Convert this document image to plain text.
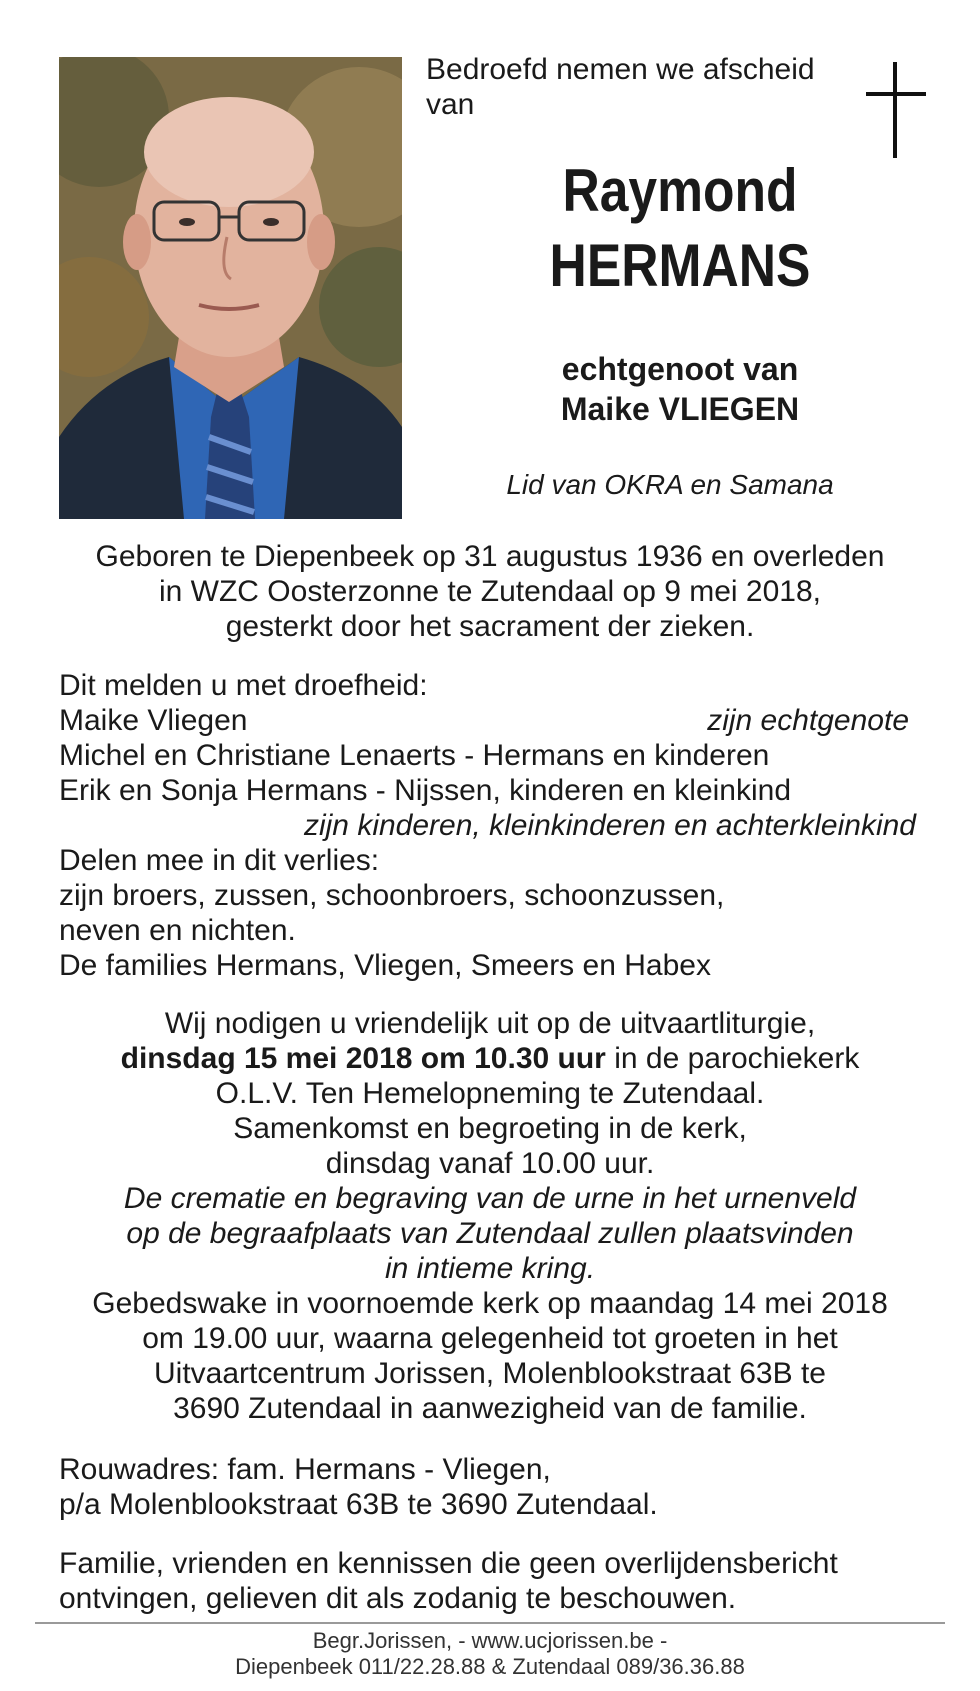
Bedroefd nemen we afscheid van
Raymond
HERMANS
echtgenoot van
Maike VLIEGEN
Lid van OKRA en Samana
Geboren te Diepenbeek op 31 augustus 1936 en overleden
in WZC Oosterzonne te Zutendaal op 9 mei 2018,
gesterkt door het sacrament der zieken.
Dit melden u met droefheid:
Maike Vliegen	zijn echtgenote
Michel en Christiane Lenaerts - Hermans en kinderen
Erik en Sonja Hermans - Nijssen, kinderen en kleinkind
zijn kinderen, kleinkinderen en achterkleinkind
Delen mee in dit verlies:
zijn broers, zussen, schoonbroers, schoonzussen,
neven en nichten.
De families Hermans, Vliegen, Smeers en Habex
Wij nodigen u vriendelijk uit op de uitvaartliturgie,
dinsdag 15 mei 2018 om 10.30 uur in de parochiekerk
O.L.V. Ten Hemelopneming te Zutendaal.
Samenkomst en begroeting in de kerk,
dinsdag vanaf 10.00 uur.
De crematie en begraving van de urne in het urnenveld
op de begraafplaats van Zutendaal zullen plaatsvinden
in intieme kring.
Gebedswake in voornoemde kerk op maandag 14 mei 2018
om 19.00 uur, waarna gelegenheid tot groeten in het
Uitvaartcentrum Jorissen, Molenblookstraat 63B te
3690 Zutendaal in aanwezigheid van de familie.
Rouwadres: fam. Hermans - Vliegen,
p/a Molenblookstraat 63B te 3690 Zutendaal.
Familie, vrienden en kennissen die geen overlijdensbericht
ontvingen, gelieven dit als zodanig te beschouwen.
Begr.Jorissen, - www.ucjorissen.be -
Diepenbeek 011/22.28.88 & Zutendaal 089/36.36.88
